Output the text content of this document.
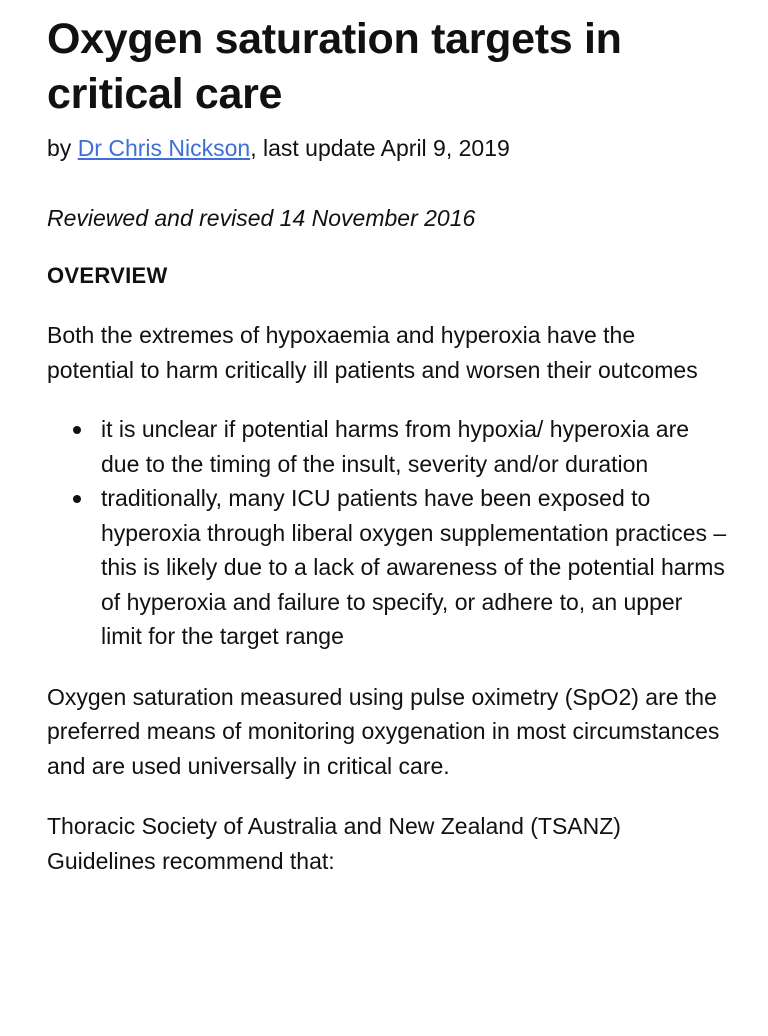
Oxygen saturation targets in critical care

by Dr Chris Nickson, last update April 9, 2019

Reviewed and revised 14 November 2016

OVERVIEW

Both the extremes of hypoxaemia and hyperoxia have the potential to harm critically ill patients and worsen their outcomes

it is unclear if potential harms from hypoxia/ hyperoxia are due to the timing of the insult, severity and/or duration
traditionally, many ICU patients have been exposed to hyperoxia through liberal oxygen supplementation practices – this is likely due to a lack of awareness of the potential harms of hyperoxia and failure to specify, or adhere to, an upper limit for the target range

Oxygen saturation measured using pulse oximetry (SpO2) are the preferred means of monitoring oxygenation in most circumstances and are used universally in critical care.

Thoracic Society of Australia and New Zealand (TSANZ) Guidelines recommend that:
